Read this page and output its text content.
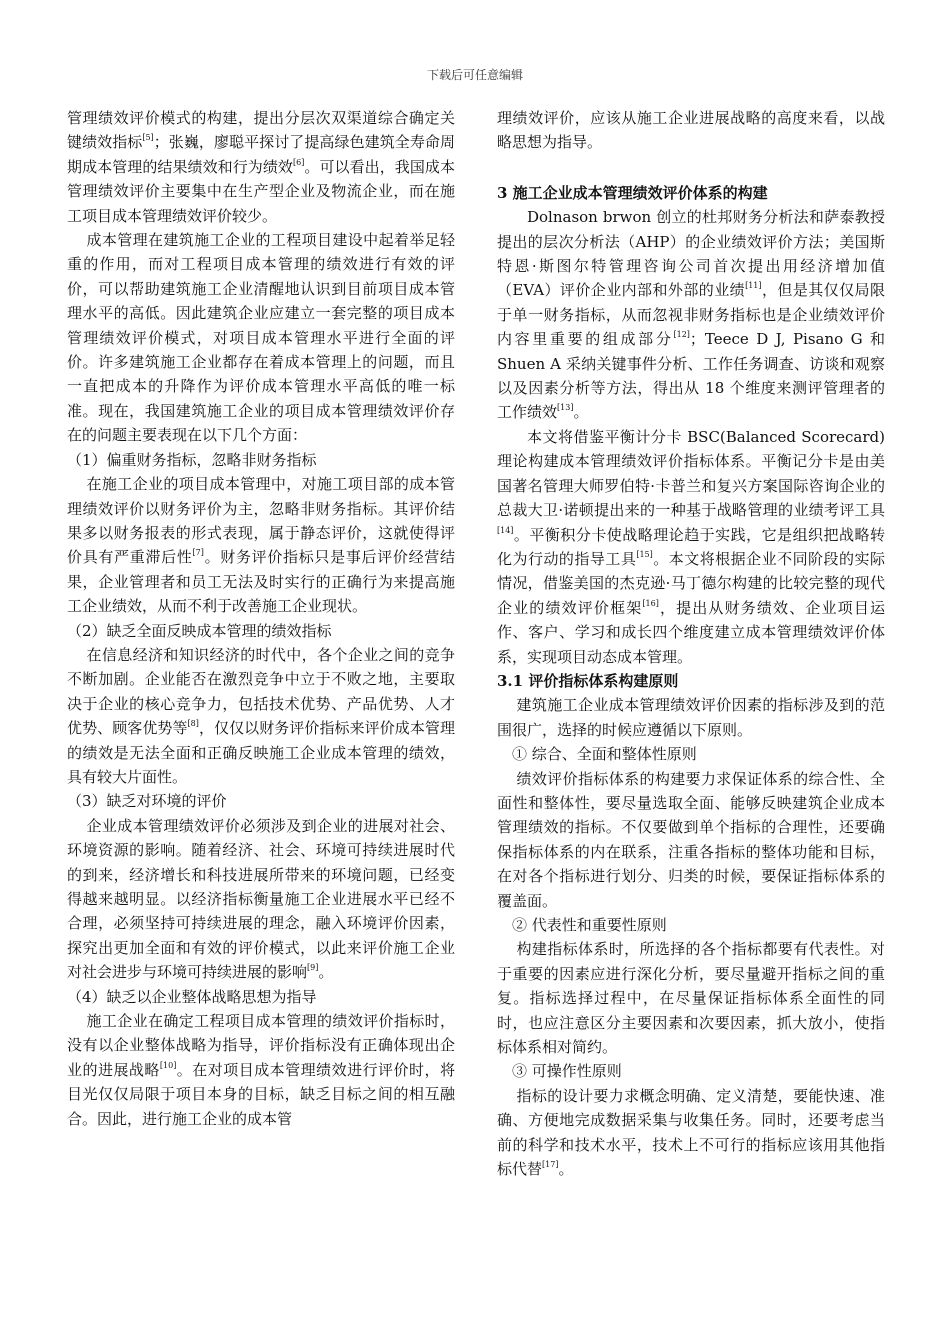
下载后可任意编辑

管理绩效评价模式的构建，提出分层次双渠道综合确定关键绩效指标[5]；张巍，廖聪平探讨了提高绿色建筑全寿命周期成本管理的结果绩效和行为绩效[6]。可以看出，我国成本管理绩效评价主要集中在生产型企业及物流企业，而在施工项目成本管理绩效评价较少。

成本管理在建筑施工企业的工程项目建设中起着举足轻重的作用，而对工程项目成本管理的绩效进行有效的评价，可以帮助建筑施工企业清醒地认识到目前项目成本管理水平的高低。因此建筑企业应建立一套完整的项目成本管理绩效评价模式，对项目成本管理水平进行全面的评价。许多建筑施工企业都存在着成本管理上的问题，而且一直把成本的升降作为评价成本管理水平高低的唯一标准。现在，我国建筑施工企业的项目成本管理绩效评价存在的问题主要表现在以下几个方面：

（1）偏重财务指标，忽略非财务指标

在施工企业的项目成本管理中，对施工项目部的成本管理绩效评价以财务评价为主，忽略非财务指标。其评价结果多以财务报表的形式表现，属于静态评价，这就使得评价具有严重滞后性[7]。财务评价指标只是事后评价经营结果，企业管理者和员工无法及时实行的正确行为来提高施工企业绩效，从而不利于改善施工企业现状。

（2）缺乏全面反映成本管理的绩效指标

在信息经济和知识经济的时代中，各个企业之间的竞争不断加剧。企业能否在激烈竞争中立于不败之地，主要取决于企业的核心竞争力，包括技术优势、产品优势、人才优势、顾客优势等[8]，仅仅以财务评价指标来评价成本管理的绩效是无法全面和正确反映施工企业成本管理的绩效，具有较大片面性。

（3）缺乏对环境的评价

企业成本管理绩效评价必须涉及到企业的进展对社会、环境资源的影响。随着经济、社会、环境可持续进展时代的到来，经济增长和科技进展所带来的环境问题，已经变得越来越明显。以经济指标衡量施工企业进展水平已经不合理，必须坚持可持续进展的理念，融入环境评价因素，探究出更加全面和有效的评价模式，以此来评价施工企业对社会进步与环境可持续进展的影响[9]。

（4）缺乏以企业整体战略思想为指导

施工企业在确定工程项目成本管理的绩效评价指标时，没有以企业整体战略为指导，评价指标没有正确体现出企业的进展战略[10]。在对项目成本管理绩效进行评价时，将目光仅仅局限于项目本身的目标，缺乏目标之间的相互融合。因此，进行施工企业的成本管

理绩效评价，应该从施工企业进展战略的高度来看，以战略思想为指导。

3 施工企业成本管理绩效评价体系的构建

Dolnason brwon 创立的杜邦财务分析法和萨泰教授提出的层次分析法（AHP）的企业绩效评价方法；美国斯特恩·斯图尔特管理咨询公司首次提出用经济增加值（EVA）评价企业内部和外部的业绩[11]，但是其仅仅局限于单一财务指标，从而忽视非财务指标也是企业绩效评价内容里重要的组成部分[12]；Teece D J, Pisano G 和 Shuen A 采纳关键事件分析、工作任务调查、访谈和观察以及因素分析等方法，得出从 18 个维度来测评管理者的工作绩效[13]。

本文将借鉴平衡计分卡 BSC(Balanced Scorecard) 理论构建成本管理绩效评价指标体系。平衡记分卡是由美国著名管理大师罗伯特·卡普兰和复兴方案国际咨询企业的总裁大卫·诺顿提出来的一种基于战略管理的业绩考评工具[14]。平衡积分卡使战略理论趋于实践，它是组织把战略转化为行动的指导工具[15]。本文将根据企业不同阶段的实际情况，借鉴美国的杰克逊·马丁德尔构建的比较完整的现代企业的绩效评价框架[16]，提出从财务绩效、企业项目运作、客户、学习和成长四个维度建立成本管理绩效评价体系，实现项目动态成本管理。

3.1 评价指标体系构建原则

建筑施工企业成本管理绩效评价因素的指标涉及到的范围很广，选择的时候应遵循以下原则。

① 综合、全面和整体性原则

绩效评价指标体系的构建要力求保证体系的综合性、全面性和整体性，要尽量选取全面、能够反映建筑企业成本管理绩效的指标。不仅要做到单个指标的合理性，还要确保指标体系的内在联系，注重各指标的整体功能和目标，在对各个指标进行划分、归类的时候，要保证指标体系的覆盖面。

② 代表性和重要性原则

构建指标体系时，所选择的各个指标都要有代表性。对于重要的因素应进行深化分析，要尽量避开指标之间的重复。指标选择过程中，在尽量保证指标体系全面性的同时，也应注意区分主要因素和次要因素，抓大放小，使指标体系相对简约。

③ 可操作性原则

指标的设计要力求概念明确、定义清楚，要能快速、准确、方便地完成数据采集与收集任务。同时，还要考虑当前的科学和技术水平，技术上不可行的指标应该用其他指标代替[17]。
